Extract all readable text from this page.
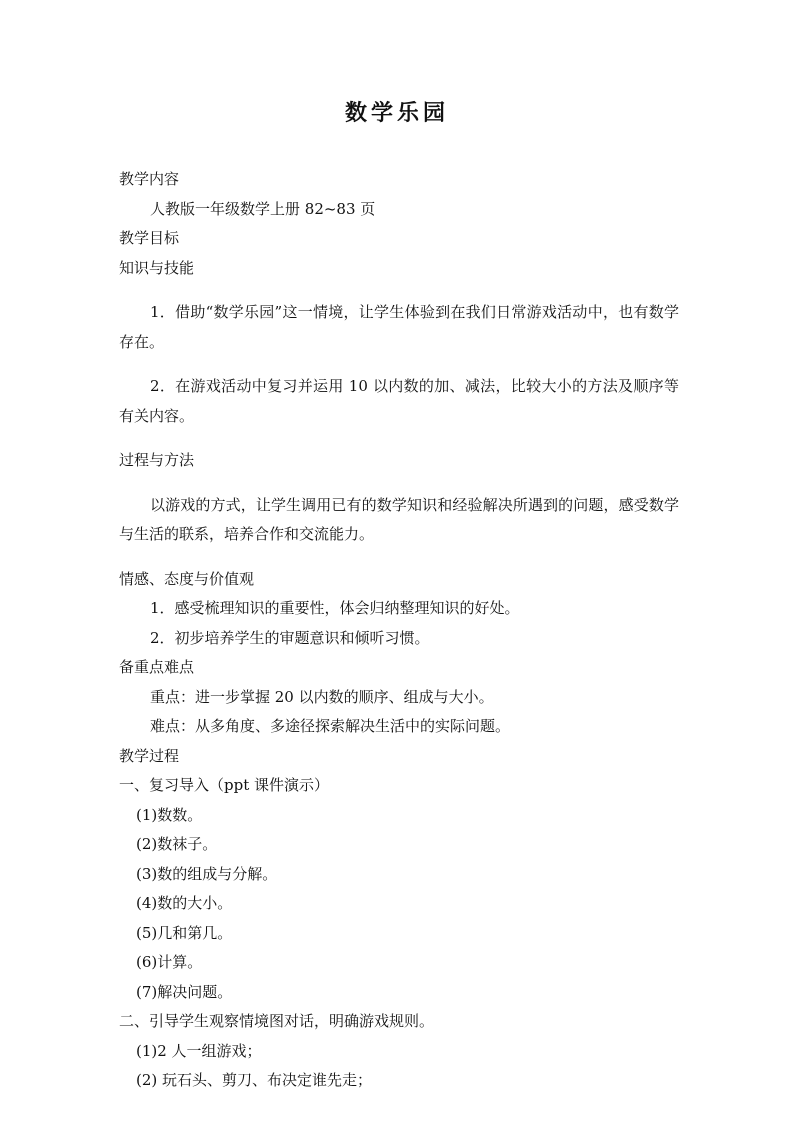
数学乐园

教学内容

人教版一年级数学上册 82~83 页

教学目标

知识与技能

1．借助“数学乐园”这一情境，让学生体验到在我们日常游戏活动中，也有数学存在。

2．在游戏活动中复习并运用 10 以内数的加、减法，比较大小的方法及顺序等有关内容。

过程与方法

以游戏的方式，让学生调用已有的数学知识和经验解决所遇到的问题，感受数学与生活的联系，培养合作和交流能力。

情感、态度与价值观

1．感受梳理知识的重要性，体会归纳整理知识的好处。

2．初步培养学生的审题意识和倾听习惯。

备重点难点

重点：进一步掌握 20 以内数的顺序、组成与大小。

难点：从多角度、多途径探索解决生活中的实际问题。

教学过程

一、复习导入（ppt 课件演示）

(1)数数。

(2)数袜子。

(3)数的组成与分解。

(4)数的大小。

(5)几和第几。

(6)计算。

(7)解决问题。

二、引导学生观察情境图对话，明确游戏规则。

(1)2 人一组游戏；

(2) 玩石头、剪刀、布决定谁先走；
